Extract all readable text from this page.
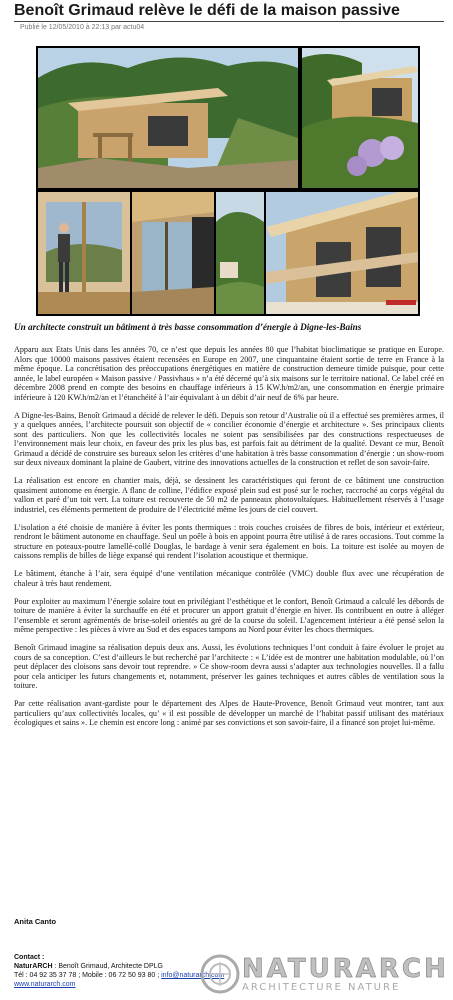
Benoît Grimaud relève le défi de la maison passive
Publié le 12/05/2010 à 22:13 par actu04
Un architecte construit un bâtiment à très basse consommation d’énergie à Digne-les-Bains

Apparu aux Etats Unis dans les années 70, ce n’est que depuis les années 80 que l’habitat bioclimatique se pratique en Europe. Alors que 10000 maisons passives étaient recensées en Europe en 2007, une cinquantaine étaient sortie de terre en France à la même époque. La concrétisation des préoccupations énergétiques en matière de construction demeure timide puisque, pour cette année, le label européen « Maison passive / Passivhaus » n’a été décerné qu’à six maisons sur le territoire national. Ce label créé en décembre 2008 prend en compte des besoins en chauffage inférieurs à 15 KW.h/m2/an, une consommation en énergie primaire inférieure à 120 KW.h/m2/an et l’étanchéité à l’air équivalant à un débit d’air neuf de 6% par heure.

A Digne-les-Bains, Benoît Grimaud a décidé de relever le défi. Depuis son retour d’Australie où il a effectué ses premières armes, il y a quelques années, l’architecte poursuit son objectif de « concilier économie d’énergie et architecture ». Ses principaux clients sont des particuliers. Non que les collectivités locales ne soient pas sensibilisées par des constructions respectueuses de l’environnement mais leur choix, en faveur des prix les plus bas, est parfois fait au détriment de la qualité. Devant ce mur, Benoît Grimaud a décidé de construire ses bureaux selon les critères d’une habitation à très basse consommation d’énergie : un show-room sur deux niveaux dominant la plaine de Gaubert, vitrine des innovations actuelles de la construction et reflet de son savoir-faire.

La réalisation est encore en chantier mais, déjà, se dessinent les caractéristiques qui feront de ce bâtiment une construction quasiment autonome en énergie. A flanc de colline, l’édifice exposé plein sud est posé sur le rocher, raccroché au corps végétal du vallon et paré d’un toit vert. La toiture est recouverte de 50 m2 de panneaux photovoltaïques. Habituellement réservés à l’usage industriel, ces éléments permettent de produire de l’électricité même les jours de ciel couvert.

L’isolation a été choisie de manière à éviter les ponts thermiques : trois couches croisées de fibres de bois, intérieur et extérieur, rendront le bâtiment autonome en chauffage. Seul un poêle à bois en appoint pourra être utilisé à de rares occasions. Tout comme la structure en poteaux-poutre lamellé-collé Douglas, le bardage à venir sera également en bois. La toiture est isolée au moyen de caissons remplis de billes de liège expansé qui rendent l’isolation acoustique et thermique.

Le bâtiment, étanche à l’air, sera équipé d’une ventilation mécanique contrôlée (VMC) double flux avec une récupération de chaleur à très haut rendement.

Pour exploiter au maximum l’énergie solaire tout en privilégiant l’esthétique et le confort, Benoît Grimaud a calculé les débords de toiture de manière à éviter la surchauffe en été et procurer un apport gratuit d’énergie en hiver. Ils contribuent en outre à alléger l’ensemble et seront agrémentés de brise-soleil orientés au gré de la course du soleil. L’agencement intérieur a été pensé selon la même perspective : les pièces à vivre au Sud et des espaces tampons au Nord pour éviter les chocs thermiques.

Benoît Grimaud imagine sa réalisation depuis deux ans. Aussi, les évolutions techniques l’ont conduit à faire évoluer le projet au cours de sa conception. C’est d’ailleurs le but recherché par l’architecte : « L’idée est de montrer une habitation modulable, où l’on peut déplacer des cloisons sans devoir tout reprendre. » Ce show-room devra aussi s’adapter aux technologies nouvelles. Il a fallu pour cela anticiper les futurs changements et, notamment, préserver les gaines techniques et autres câbles de ventilation sous la toiture.

Par cette réalisation avant-gardiste pour le département des Alpes de Haute-Provence, Benoît Grimaud veut montrer, tant aux particuliers qu’aux collectivités locales, qu’ « il est possible de développer un marché de l’habitat passif utilisant des matériaux écologiques et sains ». Le chemin est encore long : animé par ses convictions et son savoir-faire, il a financé son projet lui-même.

Anita Canto
Contact :
NaturARCH : Benoît Grimaud, Architecte DPLG
Tél : 04 92 35 37 78 ; Mobile : 06 72 50 93 80 ; info@naturarch.com
www.naturarch.com
NATURARCH
ARCHITECTURE NATURE
